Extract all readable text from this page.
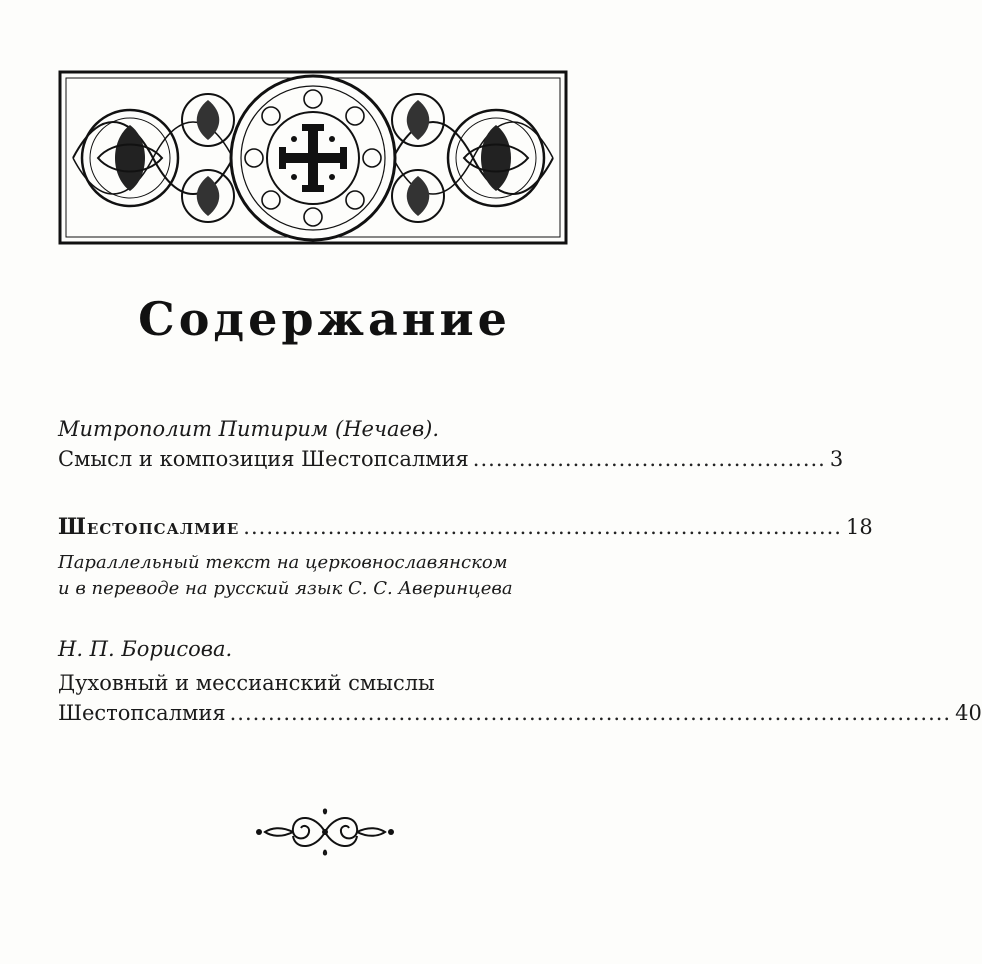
Содержание
Митрополит Питирим (Нечаев).
Смысл и композиция Шестопсалмия .............................................. 3
Шестопсалмие .............................................................................. 18
Параллельный текст на церковнославянском
и в переводе на русский язык С. С. Аверинцева
Н. П. Борисова.
Духовный и мессианский смыслы
Шестопсалмия .............................................................................................. 40
